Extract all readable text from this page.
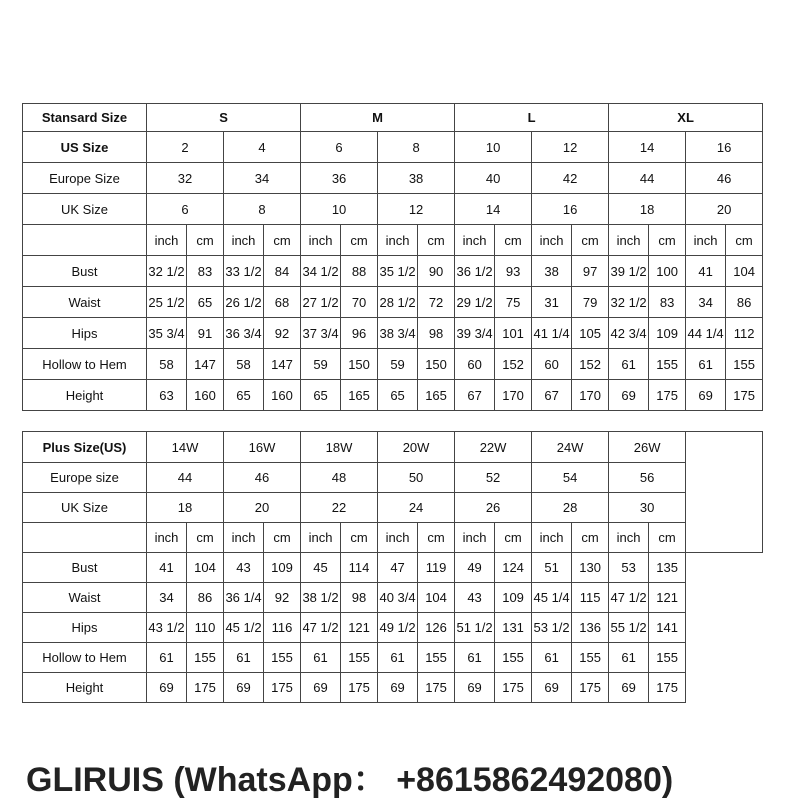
Stansard Size	S				M				L				XL			
US Size	2		4		6		8		10		12		14		16	
Europe Size	32		34		36		38		40		42		44		46	
UK Size	6		8		10		12		14		16		18		20	
	inch	cm	inch	cm	inch	cm	inch	cm	inch	cm	inch	cm	inch	cm	inch	cm
Bust	32 1/2	83	33 1/2	84	34 1/2	88	35 1/2	90	36 1/2	93	38	97	39 1/2	100	41	104
Waist	25 1/2	65	26 1/2	68	27 1/2	70	28 1/2	72	29 1/2	75	31	79	32 1/2	83	34	86
Hips	35 3/4	91	36 3/4	92	37 3/4	96	38 3/4	98	39 3/4	101	41 1/4	105	42 3/4	109	44 1/4	112
Hollow to Hem	58	147	58	147	59	150	59	150	60	152	60	152	61	155	61	155
Height	63	160	65	160	65	165	65	165	67	170	67	170	69	175	69	175
Plus Size(US)	14W		16W		18W		20W		22W		24W		26W		
Europe size	44		46		48		50		52		54		56		
UK Size	18		20		22		24		26		28		30		
	inch	cm	inch	cm	inch	cm	inch	cm	inch	cm	inch	cm	inch	cm	
Bust	41	104	43	109	45	114	47	119	49	124	51	130	53	135	
Waist	34	86	36 1/4	92	38 1/2	98	40 3/4	104	43	109	45 1/4	115	47 1/2	121	
Hips	43 1/2	110	45 1/2	116	47 1/2	121	49 1/2	126	51 1/2	131	53 1/2	136	55 1/2	141	
Hollow to Hem	61	155	61	155	61	155	61	155	61	155	61	155	61	155	
Height	69	175	69	175	69	175	69	175	69	175	69	175	69	175	
GLIRUIS (WhatsApp： +8615862492080)
